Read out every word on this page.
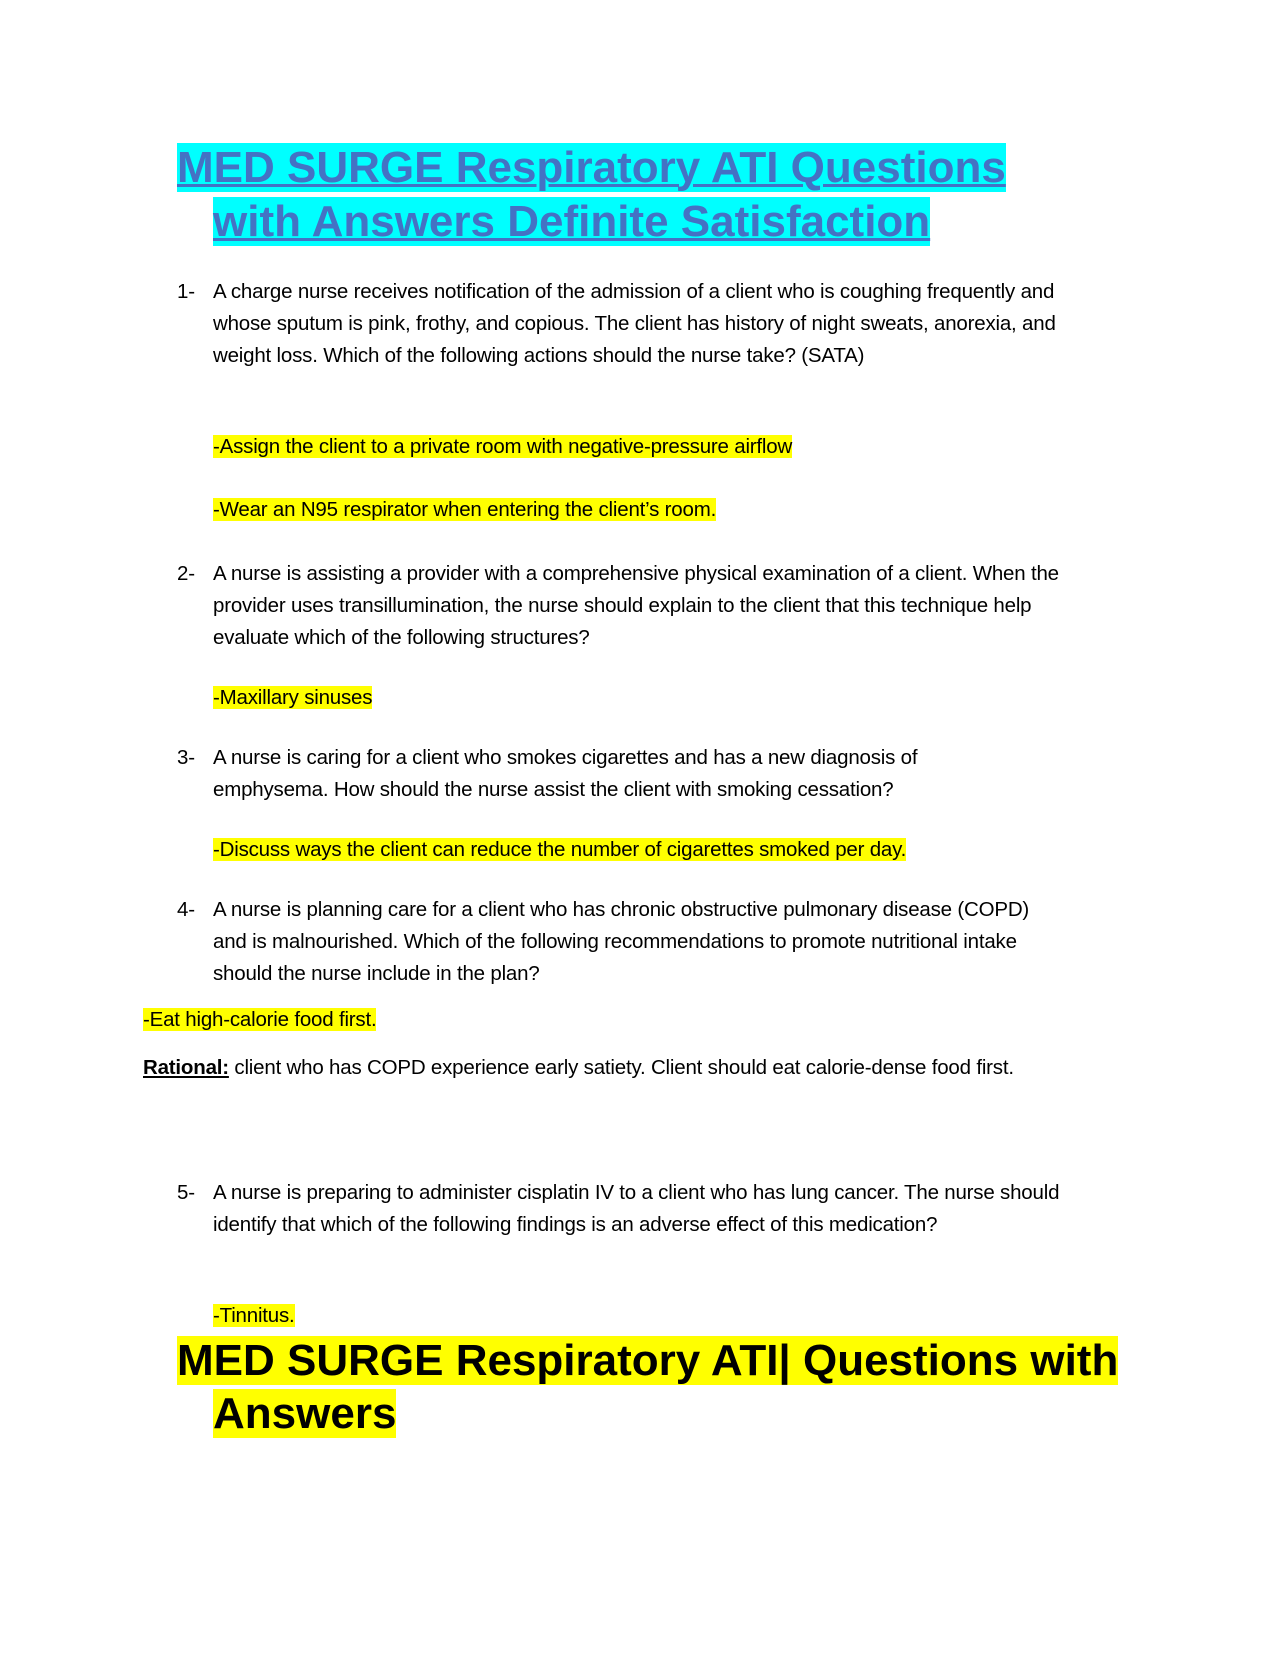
MED SURGE Respiratory ATI Questions
with Answers Definite Satisfaction
1- A charge nurse receives notification of the admission of a client who is coughing frequently and whose sputum is pink, frothy, and copious. The client has history of night sweats, anorexia, and weight loss. Which of the following actions should the nurse take? (SATA)
-Assign the client to a private room with negative-pressure airflow
-Wear an N95 respirator when entering the client’s room.
2- A nurse is assisting a provider with a comprehensive physical examination of a client. When the provider uses transillumination, the nurse should explain to the client that this technique help evaluate which of the following structures?
-Maxillary sinuses
3- A nurse is caring for a client who smokes cigarettes and has a new diagnosis of emphysema. How should the nurse assist the client with smoking cessation?
-Discuss ways the client can reduce the number of cigarettes smoked per day.
4- A nurse is planning care for a client who has chronic obstructive pulmonary disease (COPD) and is malnourished. Which of the following recommendations to promote nutritional intake should the nurse include in the plan?
-Eat high-calorie food first.
Rational: client who has COPD experience early satiety. Client should eat calorie-dense food first.
5- A nurse is preparing to administer cisplatin IV to a client who has lung cancer. The nurse should identify that which of the following findings is an adverse effect of this medication?
-Tinnitus.
MED SURGE Respiratory ATI| Questions with
Answers
